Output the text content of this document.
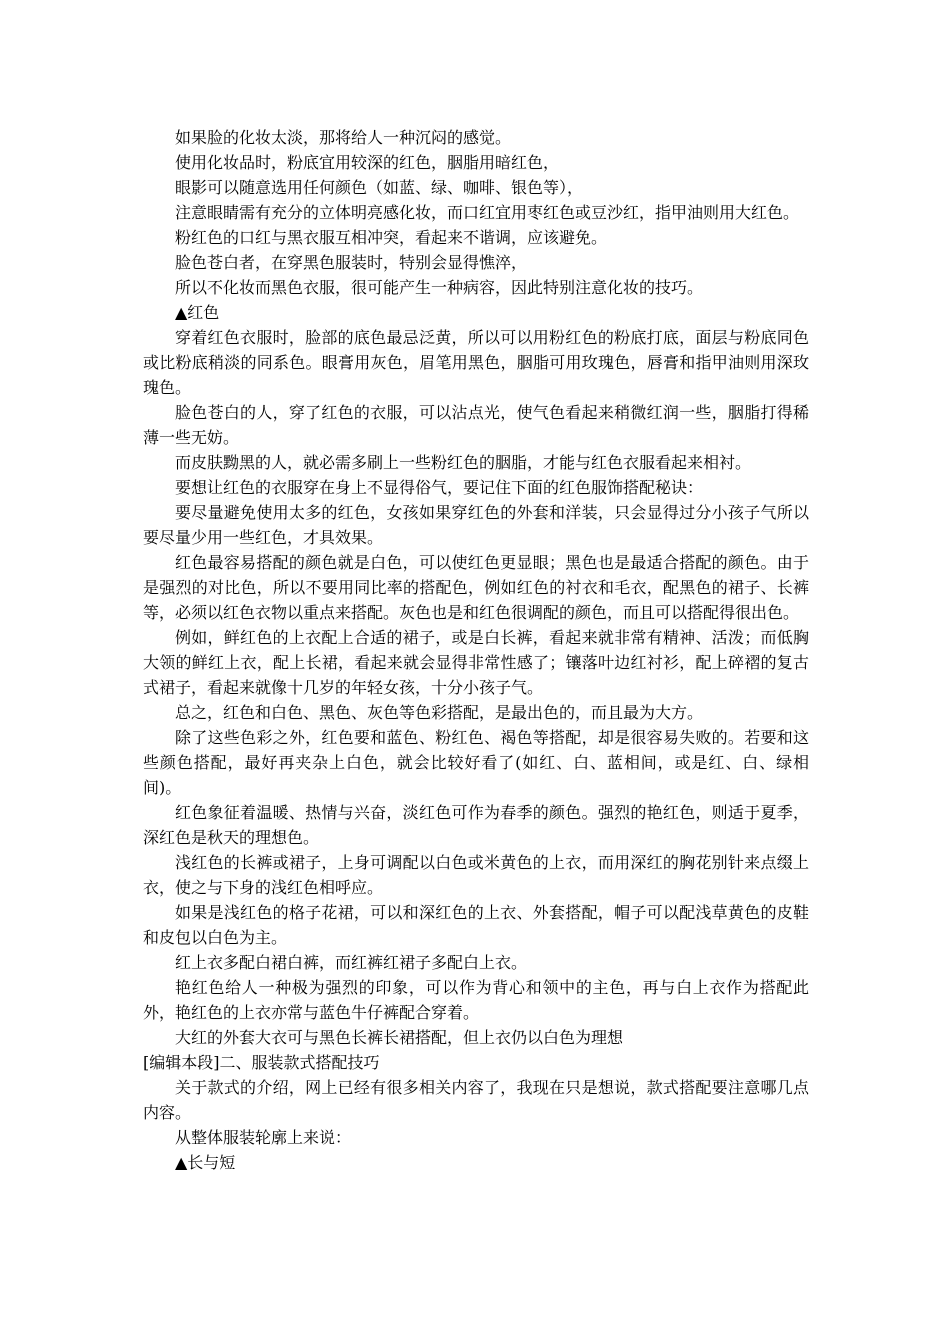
如果脸的化妆太淡，那将给人一种沉闷的感觉。

使用化妆品时，粉底宜用较深的红色，胭脂用暗红色，

眼影可以随意选用任何颜色（如蓝、绿、咖啡、银色等），

注意眼睛需有充分的立体明亮感化妆，而口红宜用枣红色或豆沙红，指甲油则用大红色。

粉红色的口红与黑衣服互相冲突，看起来不谐调，应该避免。

脸色苍白者，在穿黑色服装时，特别会显得憔淬，

所以不化妆而黑色衣服，很可能产生一种病容，因此特别注意化妆的技巧。

▲红色

穿着红色衣服时，脸部的底色最忌泛黄，所以可以用粉红色的粉底打底，面层与粉底同色或比粉底稍淡的同系色。眼膏用灰色，眉笔用黑色，胭脂可用玫瑰色，唇膏和指甲油则用深玫瑰色。

脸色苍白的人，穿了红色的衣服，可以沾点光，使气色看起来稍微红润一些，胭脂打得稀薄一些无妨。

而皮肤黝黑的人，就必需多刷上一些粉红色的胭脂，才能与红色衣服看起来相衬。

要想让红色的衣服穿在身上不显得俗气，要记住下面的红色服饰搭配秘诀：

要尽量避免使用太多的红色，女孩如果穿红色的外套和洋装，只会显得过分小孩子气所以要尽量少用一些红色，才具效果。

红色最容易搭配的颜色就是白色，可以使红色更显眼；黑色也是最适合搭配的颜色。由于是强烈的对比色，所以不要用同比率的搭配色，例如红色的衬衣和毛衣，配黑色的裙子、长裤等，必须以红色衣物以重点来搭配。灰色也是和红色很调配的颜色，而且可以搭配得很出色。

例如，鲜红色的上衣配上合适的裙子，或是白长裤，看起来就非常有精神、活泼；而低胸大领的鲜红上衣，配上长裙，看起来就会显得非常性感了；镶落叶边红衬衫，配上碎褶的复古式裙子，看起来就像十几岁的年轻女孩，十分小孩子气。

总之，红色和白色、黑色、灰色等色彩搭配，是最出色的，而且最为大方。

除了这些色彩之外，红色要和蓝色、粉红色、褐色等搭配，却是很容易失败的。若要和这些颜色搭配，最好再夹杂上白色，就会比较好看了(如红、白、蓝相间，或是红、白、绿相间)。

红色象征着温暖、热情与兴奋，淡红色可作为春季的颜色。强烈的艳红色，则适于夏季，深红色是秋天的理想色。

浅红色的长裤或裙子，上身可调配以白色或米黄色的上衣，而用深红的胸花别针来点缀上衣，使之与下身的浅红色相呼应。

如果是浅红色的格子花裙，可以和深红色的上衣、外套搭配，帽子可以配浅草黄色的皮鞋和皮包以白色为主。

红上衣多配白裙白裤，而红裤红裙子多配白上衣。

艳红色给人一种极为强烈的印象，可以作为背心和领中的主色，再与白上衣作为搭配此外，艳红色的上衣亦常与蓝色牛仔裤配合穿着。

大红的外套大衣可与黑色长裤长裙搭配，但上衣仍以白色为理想

[编辑本段]二、服装款式搭配技巧

关于款式的介绍，网上已经有很多相关内容了，我现在只是想说，款式搭配要注意哪几点内容。

从整体服装轮廓上来说：

▲长与短
